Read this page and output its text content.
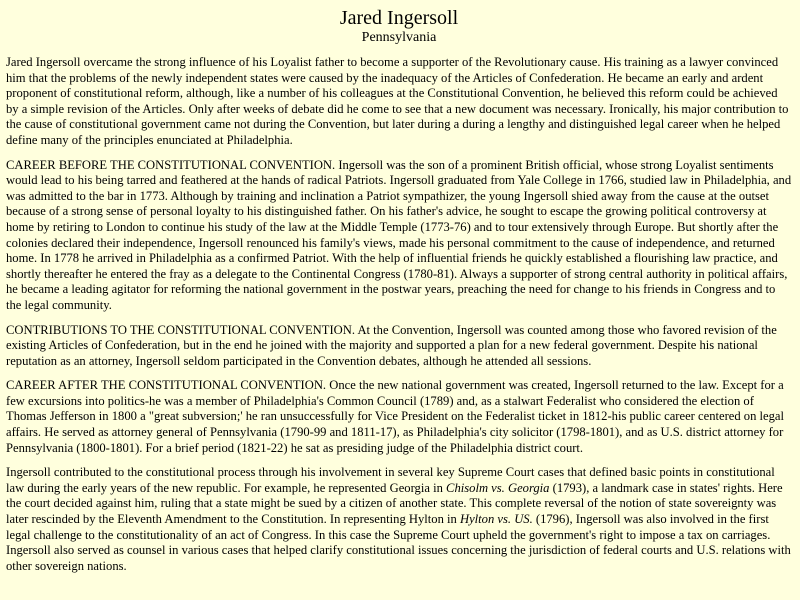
Jared Ingersoll
Pennsylvania

Jared Ingersoll overcame the strong influence of his Loyalist father to become a supporter of the Revolutionary cause. His training as a lawyer convinced him that the problems of the newly independent states were caused by the inadequacy of the Articles of Confederation. He became an early and ardent proponent of constitutional reform, although, like a number of his colleagues at the Constitutional Convention, he believed this reform could be achieved by a simple revision of the Articles. Only after weeks of debate did he come to see that a new document was necessary. Ironically, his major contribution to the cause of constitutional government came not during the Convention, but later during a during a lengthy and distinguished legal career when he helped define many of the principles enunciated at Philadelphia.

CAREER BEFORE THE CONSTITUTIONAL CONVENTION. Ingersoll was the son of a prominent British official, whose strong Loyalist sentiments would lead to his being tarred and feathered at the hands of radical Patriots. Ingersoll graduated from Yale College in 1766, studied law in Philadelphia, and was admitted to the bar in 1773. Although by training and inclination a Patriot sympathizer, the young Ingersoll shied away from the cause at the outset because of a strong sense of personal loyalty to his distinguished father. On his father's advice, he sought to escape the growing political controversy at home by retiring to London to continue his study of the law at the Middle Temple (1773-76) and to tour extensively through Europe. But shortly after the colonies declared their independence, Ingersoll renounced his family's views, made his personal commitment to the cause of independence, and returned home. In 1778 he arrived in Philadelphia as a confirmed Patriot. With the help of influential friends he quickly established a flourishing law practice, and shortly thereafter he entered the fray as a delegate to the Continental Congress (1780-81). Always a supporter of strong central authority in political affairs, he became a leading agitator for reforming the national government in the postwar years, preaching the need for change to his friends in Congress and to the legal community.

CONTRIBUTIONS TO THE CONSTITUTIONAL CONVENTION. At the Convention, Ingersoll was counted among those who favored revision of the existing Articles of Confederation, but in the end he joined with the majority and supported a plan for a new federal government. Despite his national reputation as an attorney, Ingersoll seldom participated in the Convention debates, although he attended all sessions.

CAREER AFTER THE CONSTITUTIONAL CONVENTION. Once the new national government was created, Ingersoll returned to the law. Except for a few excursions into politics-he was a member of Philadelphia's Common Council (1789) and, as a stalwart Federalist who considered the election of Thomas Jefferson in 1800 a "great subversion;' he ran unsuccessfully for Vice President on the Federalist ticket in 1812-his public career centered on legal affairs. He served as attorney general of Pennsylvania (1790-99 and 1811-17), as Philadelphia's city solicitor (1798-1801), and as U.S. district attorney for Pennsylvania (1800-1801). For a brief period (1821-22) he sat as presiding judge of the Philadelphia district court.

Ingersoll contributed to the constitutional process through his involvement in several key Supreme Court cases that defined basic points in constitutional law during the early years of the new republic. For example, he represented Georgia in Chisolm vs. Georgia (1793), a landmark case in states' rights. Here the court decided against him, ruling that a state might be sued by a citizen of another state. This complete reversal of the notion of state sovereignty was later rescinded by the Eleventh Amendment to the Constitution. In representing Hylton in Hylton vs. US. (1796), Ingersoll was also involved in the first legal challenge to the constitutionality of an act of Congress. In this case the Supreme Court upheld the government's right to impose a tax on carriages. Ingersoll also served as counsel in various cases that helped clarify constitutional issues concerning the jurisdiction of federal courts and U.S. relations with other sovereign nations.
